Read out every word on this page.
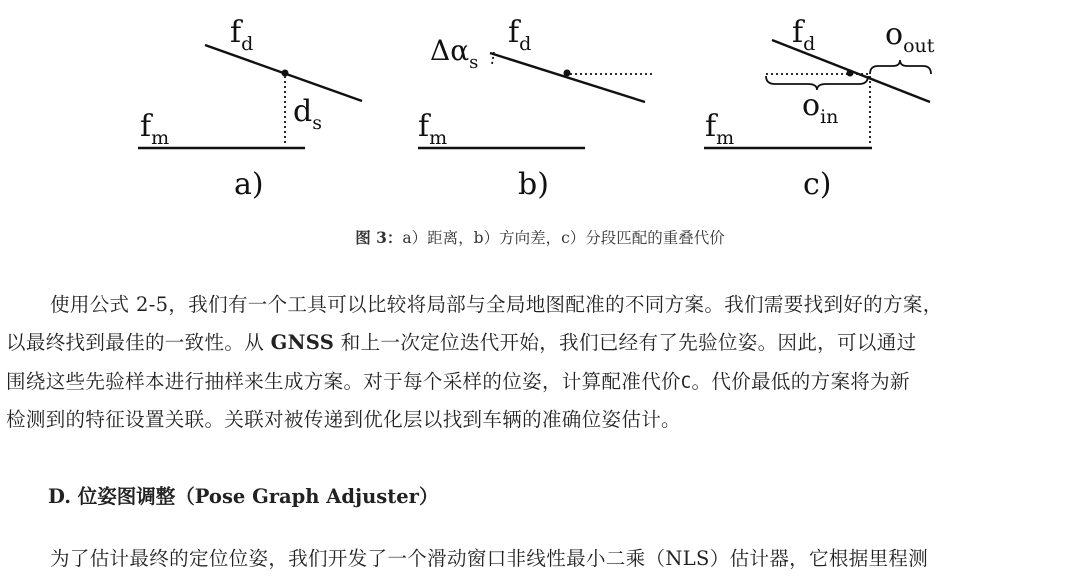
$f_d$
$f_m$
$d_s$
a)
$f_d$
$f_m$
$\Delta\alpha_s$
b)
$f_d$
$f_m$
$o_{out}$
$o_{in}$
c)
图 3：a）距离，b）方向差，c）分段匹配的重叠代价
使用公式 2-5，我们有一个工具可以比较将局部与全局地图配准的不同方案。我们需要找到好的方案，
以最终找到最佳的一致性。从 GNSS 和上一次定位迭代开始，我们已经有了先验位姿。因此，可以通过
围绕这些先验样本进行抽样来生成方案。对于每个采样的位姿，计算配准代价C。代价最低的方案将为新
检测到的特征设置关联。关联对被传递到优化层以找到车辆的准确位姿估计。
D. 位姿图调整（Pose Graph Adjuster）
为了估计最终的定位位姿，我们开发了一个滑动窗口非线性最小二乘（NLS）估计器，它根据里程测
